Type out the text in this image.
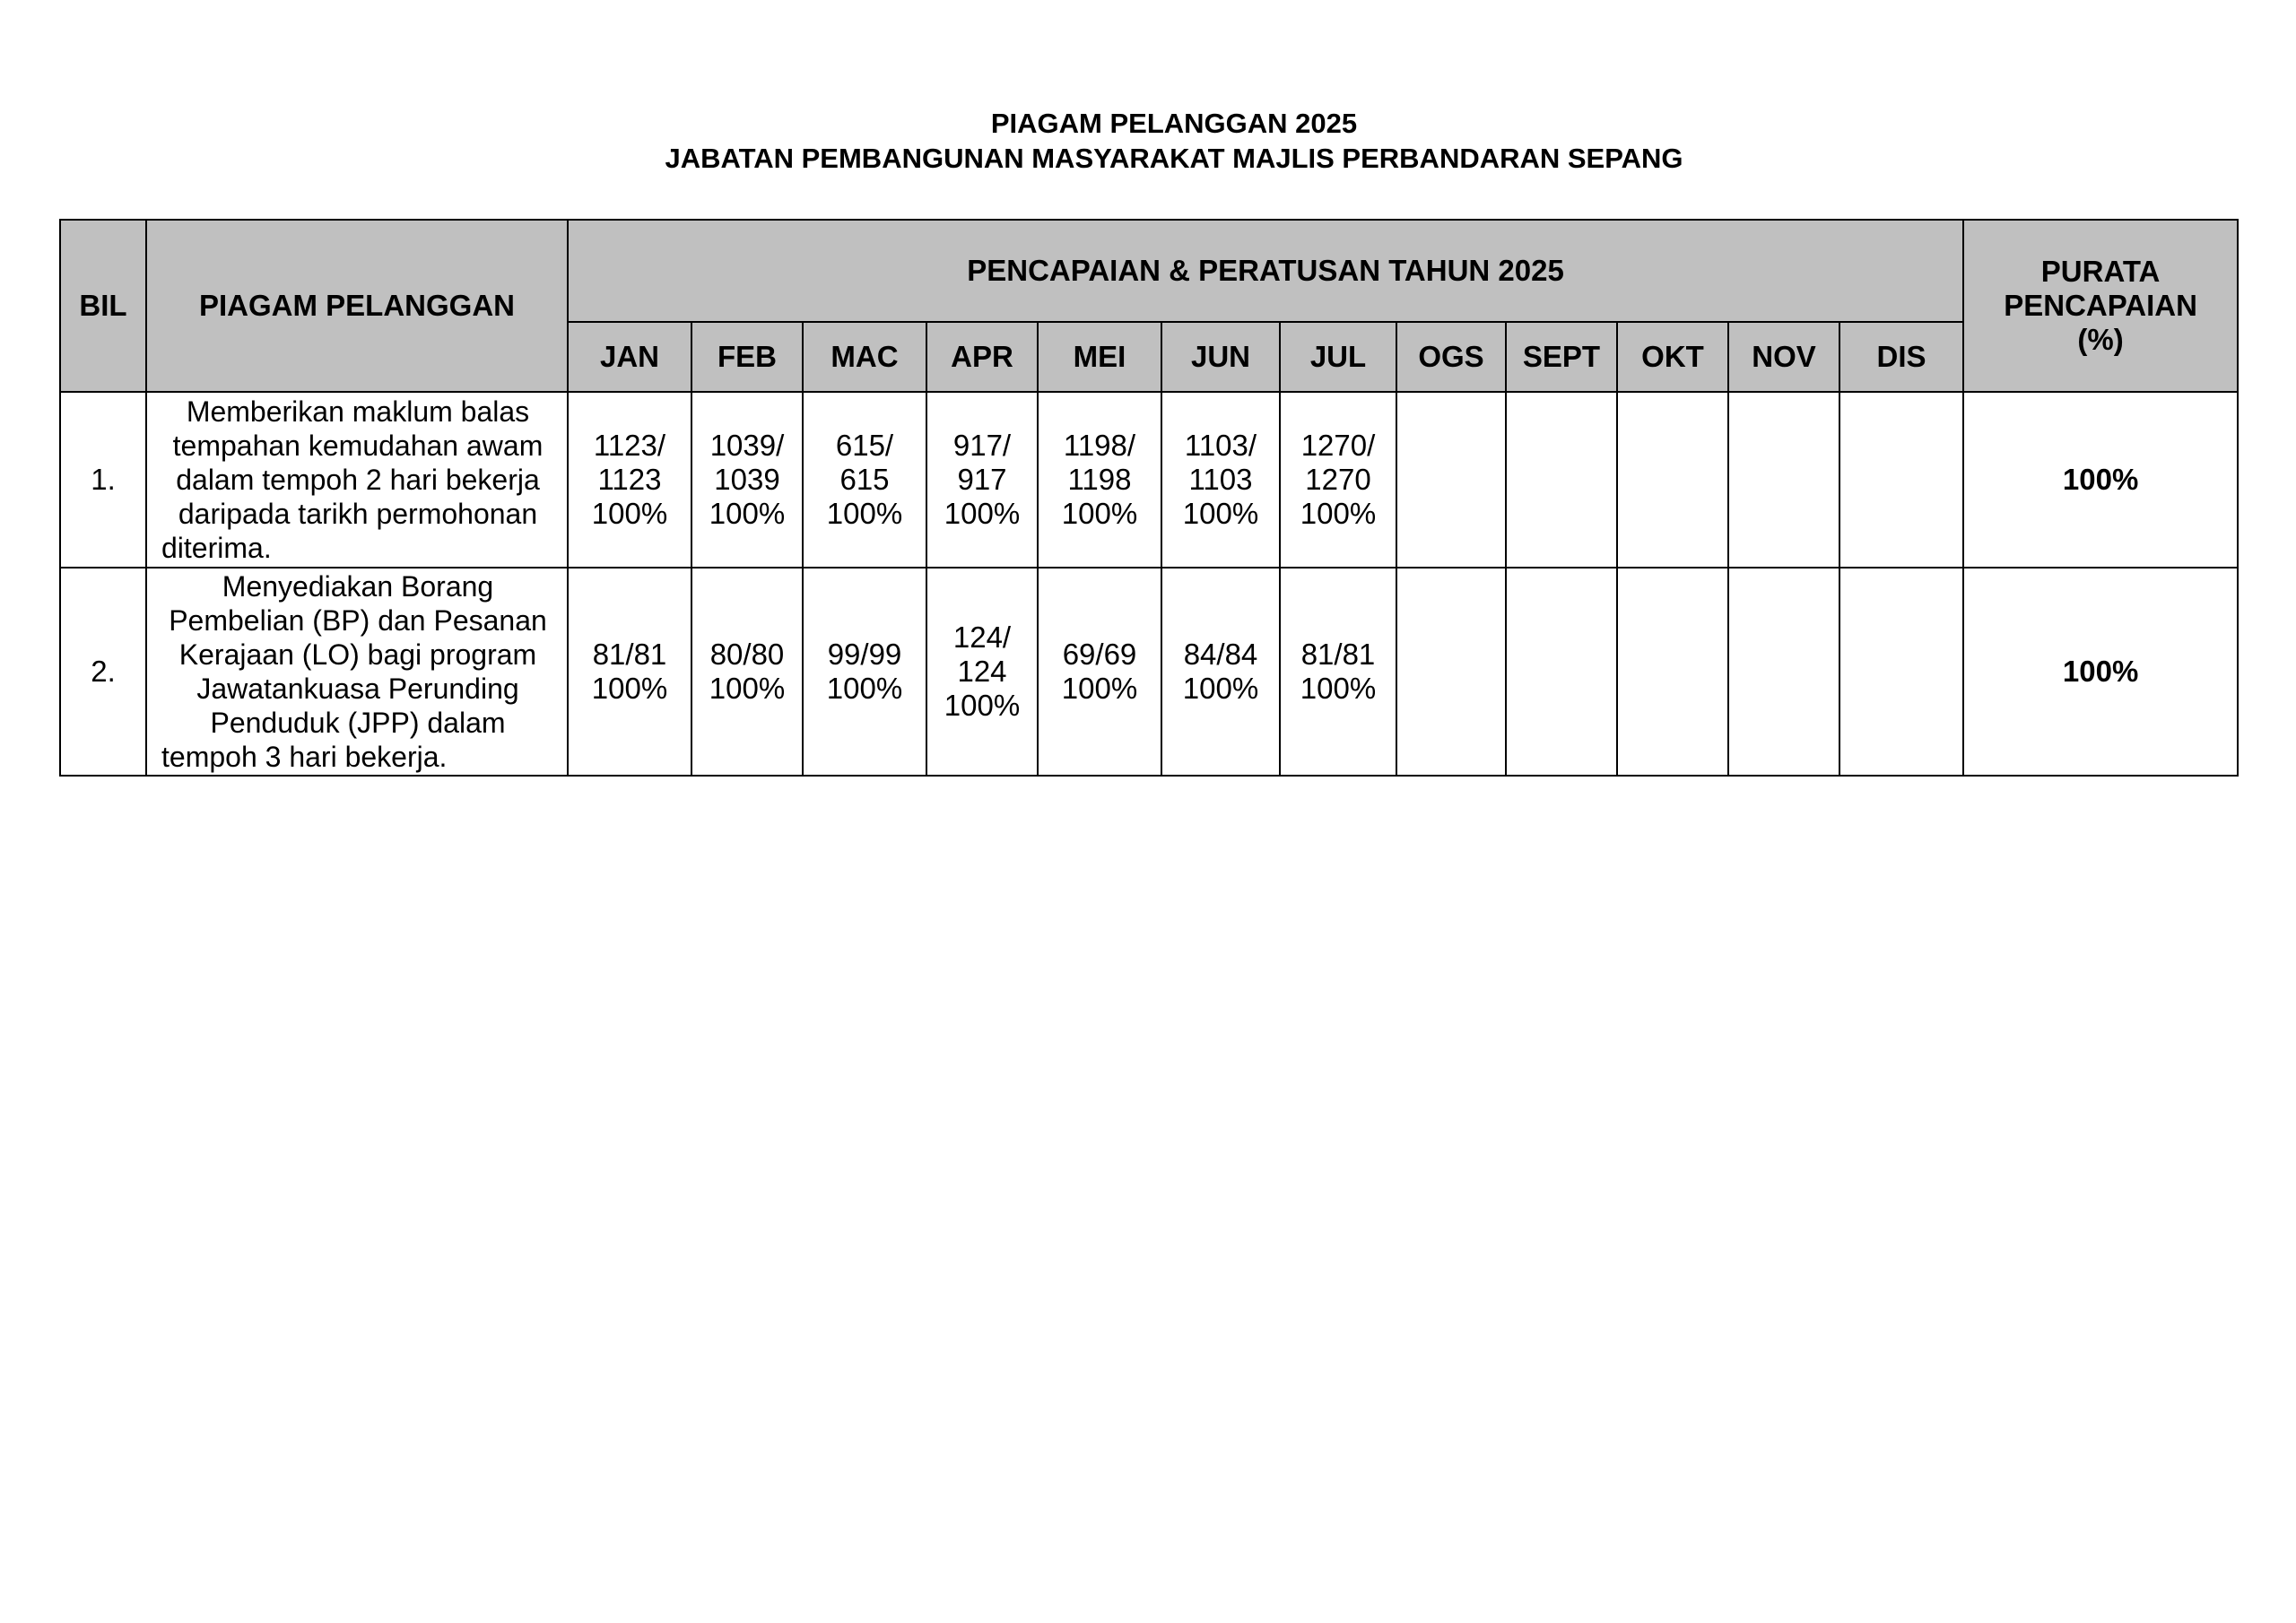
PIAGAM PELANGGAN 2025
JABATAN PEMBANGUNAN MASYARAKAT MAJLIS PERBANDARAN SEPANG
BIL	PIAGAM PELANGGAN	PENCAPAIAN & PERATUSAN TAHUN 2025												PURATA
PENCAPAIAN
(%)

		JAN	FEB	MAC	APR	MEI	JUN	JUL	OGS	SEPT	OKT	NOV	DIS	
1.	Memberikan maklum balas tempahan kemudahan awam dalam tempoh 2 hari bekerja daripada tarikh permohonan diterima.	1123/
1123
100%	1039/
1039
100%	615/
615
100%	917/
917
100%	1198/
1198
100%	1103/
1103
100%	1270/
1270
100%						100%
2.	Menyediakan Borang Pembelian (BP) dan Pesanan Kerajaan (LO) bagi program Jawatankuasa Perunding Penduduk (JPP) dalam tempoh 3 hari bekerja.	81/81
100%	80/80
100%	99/99
100%	124/
124
100%	69/69
100%	84/84
100%	81/81
100%						100%
